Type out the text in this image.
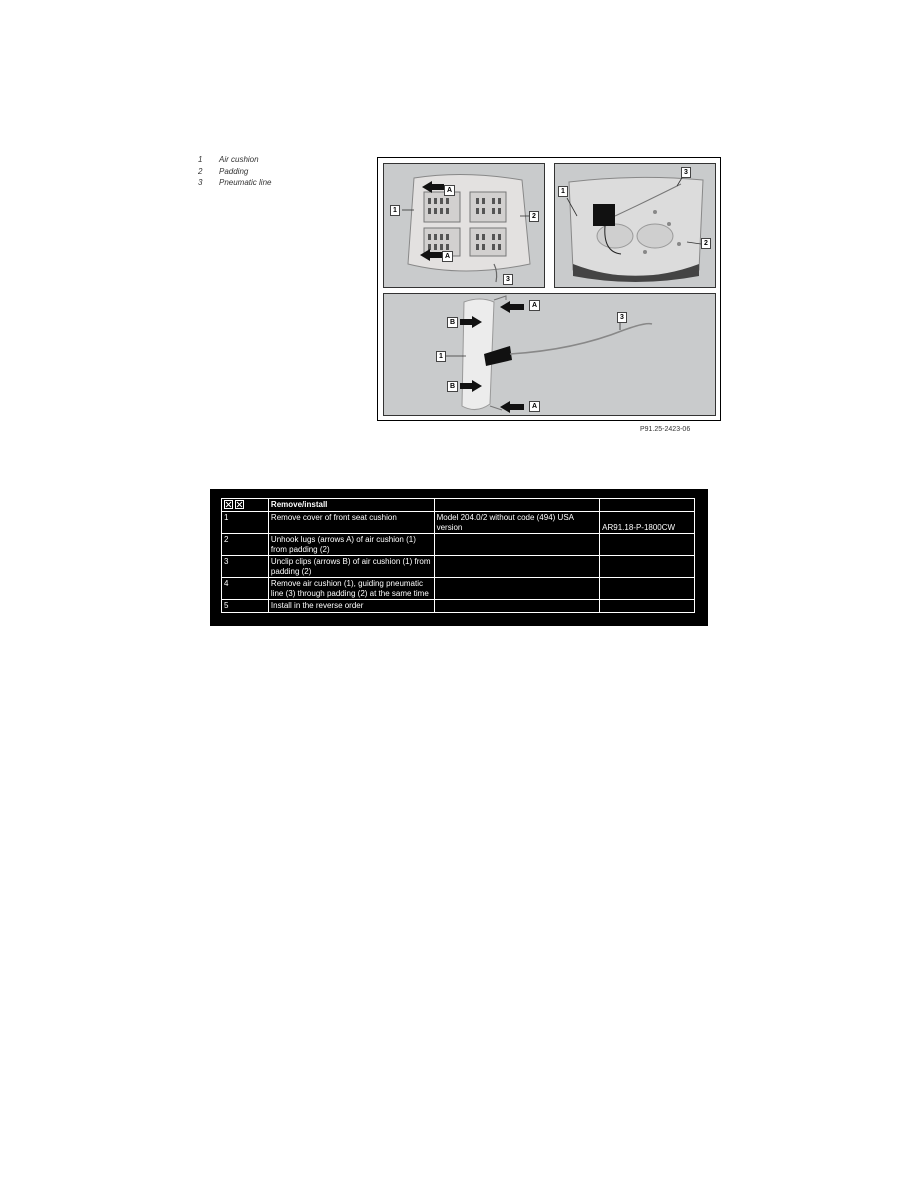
1	Air cushion
2	Padding
3	Pneumatic line
A
1
2
A
3
3
1
2
A
B
3
1
B
A
P91.25-2423-06
	Remove/install		
1	Remove cover of front seat cushion	Model 204.0/2 without code (494) USA version	AR91.18-P-1800CW
2	Unhook lugs (arrows A) of air cushion (1) from padding (2)		
3	Unclip clips (arrows B) of air cushion (1) from padding (2)		
4	Remove air cushion (1), guiding pneumatic line (3) through padding (2) at the same time		
5	Install in the reverse order		
